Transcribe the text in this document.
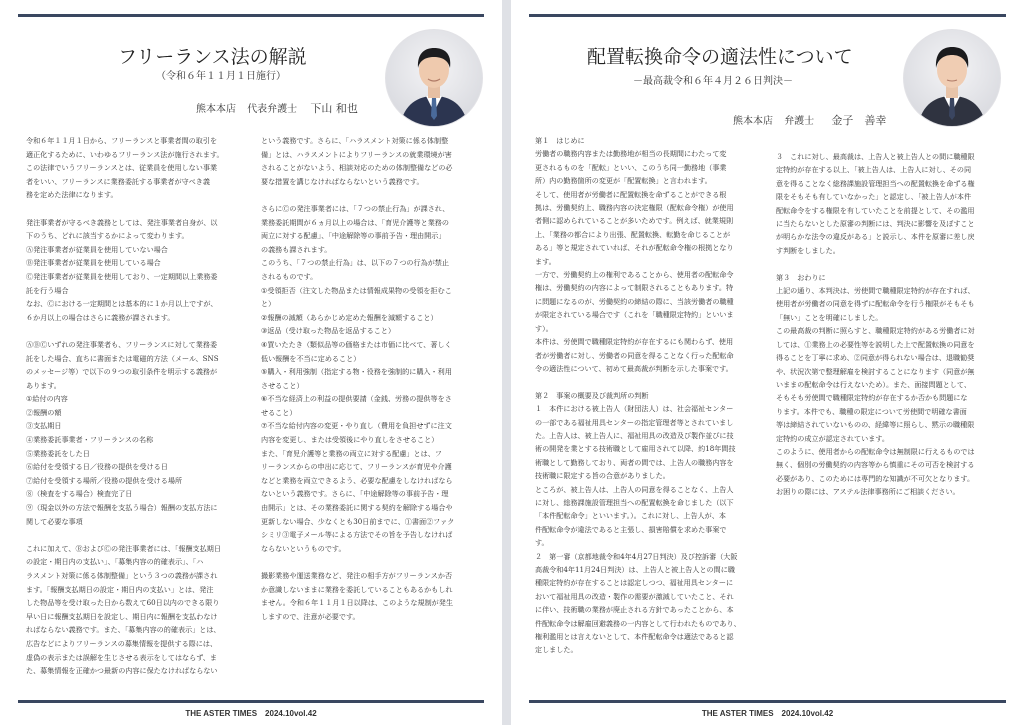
フリーランス法の解説
（令和６年１１月１日施行）
熊本本店 代表弁護士 下山 和也
令和６年１１月１日から、フリーランスと事業者間の取引を
適正化するために、いわゆるフリーランス法が施行されます。
この法律でいうフリーランスとは、従業員を使用しない事業
者をいい、フリーランスに業務委託する事業者が守べき義
務を定めた法律になります。

発注事業者が守るべき義務としては、発注事業者自身が、以
下のうち、どれに該当するかによって変わります。
Ⓐ発注事業者が従業員を使用していない場合
Ⓑ発注事業者が従業員を使用している場合
Ⓒ発注事業者が従業員を使用しており、一定期間以上業務委
託を行う場合
なお、Ⓒにおける一定期間とは基本的に１か月以上ですが、
６か月以上の場合はさらに義務が課されます。

ⒶⒷⒸいずれの発注事業者も、フリーランスに対して業務委
託をした場合、直ちに書面または電磁的方法（メール、SNS
のメッセージ等）で以下の９つの取引条件を明示する義務が
あります。
①給付の内容
②報酬の額
③支払期日
④業務委託事業者・フリーランスの名称
⑤業務委託をした日
⑥給付を受領する日／役務の提供を受ける日
⑦給付を受領する場所／役務の提供を受ける場所
⑧（検査をする場合）検査完了日
⑨（現金以外の方法で報酬を支払う場合）報酬の支払方法に
関して必要な事項

これに加えて、ⒷおよびⒸの発注事業者には、「報酬支払期日
の設定・期日内の支払い」、「募集内容の的確表示」、「ハ
ラスメント対策に係る体制整備」という３つの義務が課され
ます。「報酬支払期日の設定・期日内の支払い」とは、発注
した物品等を受け取った日から数えて60日以内のできる限り
早い日に報酬支払期日を設定し、期日内に報酬を支払わなけ
ればならない義務です。また、「募集内容の的確表示」とは、
広告などによりフリーランスの募集情報を提供する際には、
虚偽の表示または誤解を生じさせる表示をしてはならず、ま
た、募集情報を正確かつ最新の内容に保たなければならない
という義務です。さらに、「ハラスメント対策に係る体制整
備」とは、ハラスメントによりフリーランスの就業環境が害
されることがないよう、相談対応のための体制整備などの必
要な措置を講じなければならないという義務です。

さらにⒸの発注事業者には、「７つの禁止行為」が課され、
業務委託期間が６ヵ月以上の場合は、「育児介護等と業務の
両立に対する配慮」、「中途解除等の事前予告・理由開示」
の義務も課されます。
このうち、「７つの禁止行為」は、以下の７つの行為が禁止
されるものです。
①受領拒否（注文した物品または情報成果物の受領を拒むこ
と）
②報酬の減額（あらかじめ定めた報酬を減額すること）
③返品（受け取った物品を返品すること）
④買いたたき（類似品等の価格または市価に比べて、著しく
低い報酬を不当に定めること）
⑤購入・利用強制（指定する物・役務を強制的に購入・利用
させること）
⑥不当な経済上の利益の提供要請（金銭、労務の提供等をさ
せること）
⑦不当な給付内容の変更・やり直し（費用を負担せずに注文
内容を変更し、または受領後にやり直しをさせること）
また、「育児介護等と業務の両立に対する配慮」とは、フ
リーランスからの申出に応じて、フリーランスが育児や介護
などと業務を両立できるよう、必要な配慮をしなければなら
ないという義務です。さらに、「中途解除等の事前予告・理
由開示」とは、その業務委託に関する契約を解除する場合や
更新しない場合、少なくとも30日前までに、①書面②ファク
シミリ③電子メール等による方法でその旨を予告しなければ
ならないというものです。

撮影業務や運送業務など、発注の相手方がフリーランスか否
か意識しないままに業務を委託していることもあるかもしれ
ません。令和６年１１月１日以降は、このような規制が発生
しますので、注意が必要です。
THE ASTER TIMES　2024.10vol.42
配置転換命令の適法性について
－最高裁令和６年４月２６日判決－
熊本本店 弁護士 金子　善幸
第１　はじめに
労働者の職務内容または勤務地が相当の長期間にわたって変
更されるものを「配転」といい、このうち同一勤務地（事業
所）内の勤務箇所の変更が「配置転換」と言われます。
そして、使用者が労働者に配置転換を命ずることができる根
拠は、労働契約上、職務内容の決定権限（配転命令権）が使用
者側に認められていることが多いためです。例えば、就業規則
上、「業務の都合により出張、配置転換、転勤を命じることが
ある」等と規定されていれば、それが配転命令権の根拠となり
ます。
一方で、労働契約上の権利であることから、使用者の配転命令
権は、労働契約の内容によって制限されることもあります。特
に問題になるのが、労働契約の締結の際に、当該労働者の職種
が限定されている場合です（これを「職種限定特約」といいま
す）。
本件は、労使間で職種限定特約が存在するにも関わらず、使用
者が労働者に対し、労働者の同意を得ることなく行った配転命
令の適法性について、初めて最高裁が判断を示した事案です。

第２　事案の概要及び裁判所の判断
１　本件における被上告人（財団法人）は、社会福祉センター
の一部である福祉用具センターの指定管理者等とされていまし
た。上告人は、被上告人に、福祉用具の改造及び製作並びに技
術の開発を業とする技術職として雇用されて以降、約18年間技
術職として勤務しており、両者の間では、上告人の職務内容を
技術職に限定する旨の合意がありました。
ところが、被上告人は、上告人の同意を得ることなく、上告人
に対し、総務課施設管理担当への配置転換を命じました（以下
「本件配転命令」といいます。）。これに対し、上告人が、本
件配転命令が違法であると主張し、損害賠償を求めた事案で
す。
２　第一審（京都地裁令和4年4月27日判決）及び控訴審（大阪
高裁令和4年11月24日判決）は、上告人と被上告人との間に職
種限定特約が存在することは認定しつつ、福祉用具センターに
おいて福祉用具の改造・製作の需要が激減していたこと、それ
に伴い、技術職の業務が廃止される方針であったことから、本
件配転命令は解雇回避義務の一内容として行われたものであり、
権利濫用とは言えないとして、本件配転命令は適法であると認
定しました。
３　これに対し、最高裁は、上告人と被上告人との間に職種限
定特約が存在する以上、「被上告人は、上告人に対し、その同
意を得ることなく総務課施設管理担当への配置転換を命ずる権
限をそもそも有していなかった」と認定し、「被上告人が本件
配転命令をする権限を有していたことを前提として、その濫用
に当たらないとした原審の判断には、判決に影響を及ぼすこと
が明らかな法令の違反がある」と説示し、本件を原審に差し戻
す判断をしました。

第３　おわりに
上記の通り、本判決は、労使間で職種限定特約が存在すれば、
使用者が労働者の同意を得ずに配転命令を行う権限がそもそも
「無い」ことを明確にしました。
この最高裁の判断に照らすと、職種限定特約がある労働者に対
しては、①業務上の必要性等を説明した上で配置転換の同意を
得ることを丁寧に求め、②同意が得られない場合は、退職勧奨
や、状況次第で整理解雇を検討することになります（同意が無
いままの配転命令は行えないため）。また、面接問題として、
そもそも労使間で職種限定特約が存在するか否かも問題にな
ります。本件でも、職種の限定について労使間で明確な書面
等は締結されていないものの、経緯等に照らし、黙示の職種限
定特約の成立が認定されています。
このように、使用者からの配転命令は無制限に行えるものでは
無く、個別の労働契約の内容等から慎重にその可否を検討する
必要があり、このためには専門的な知識が不可欠となります。
お困りの際には、アステル法律事務所にご相談ください。
THE ASTER TIMES　2024.10vol.42
